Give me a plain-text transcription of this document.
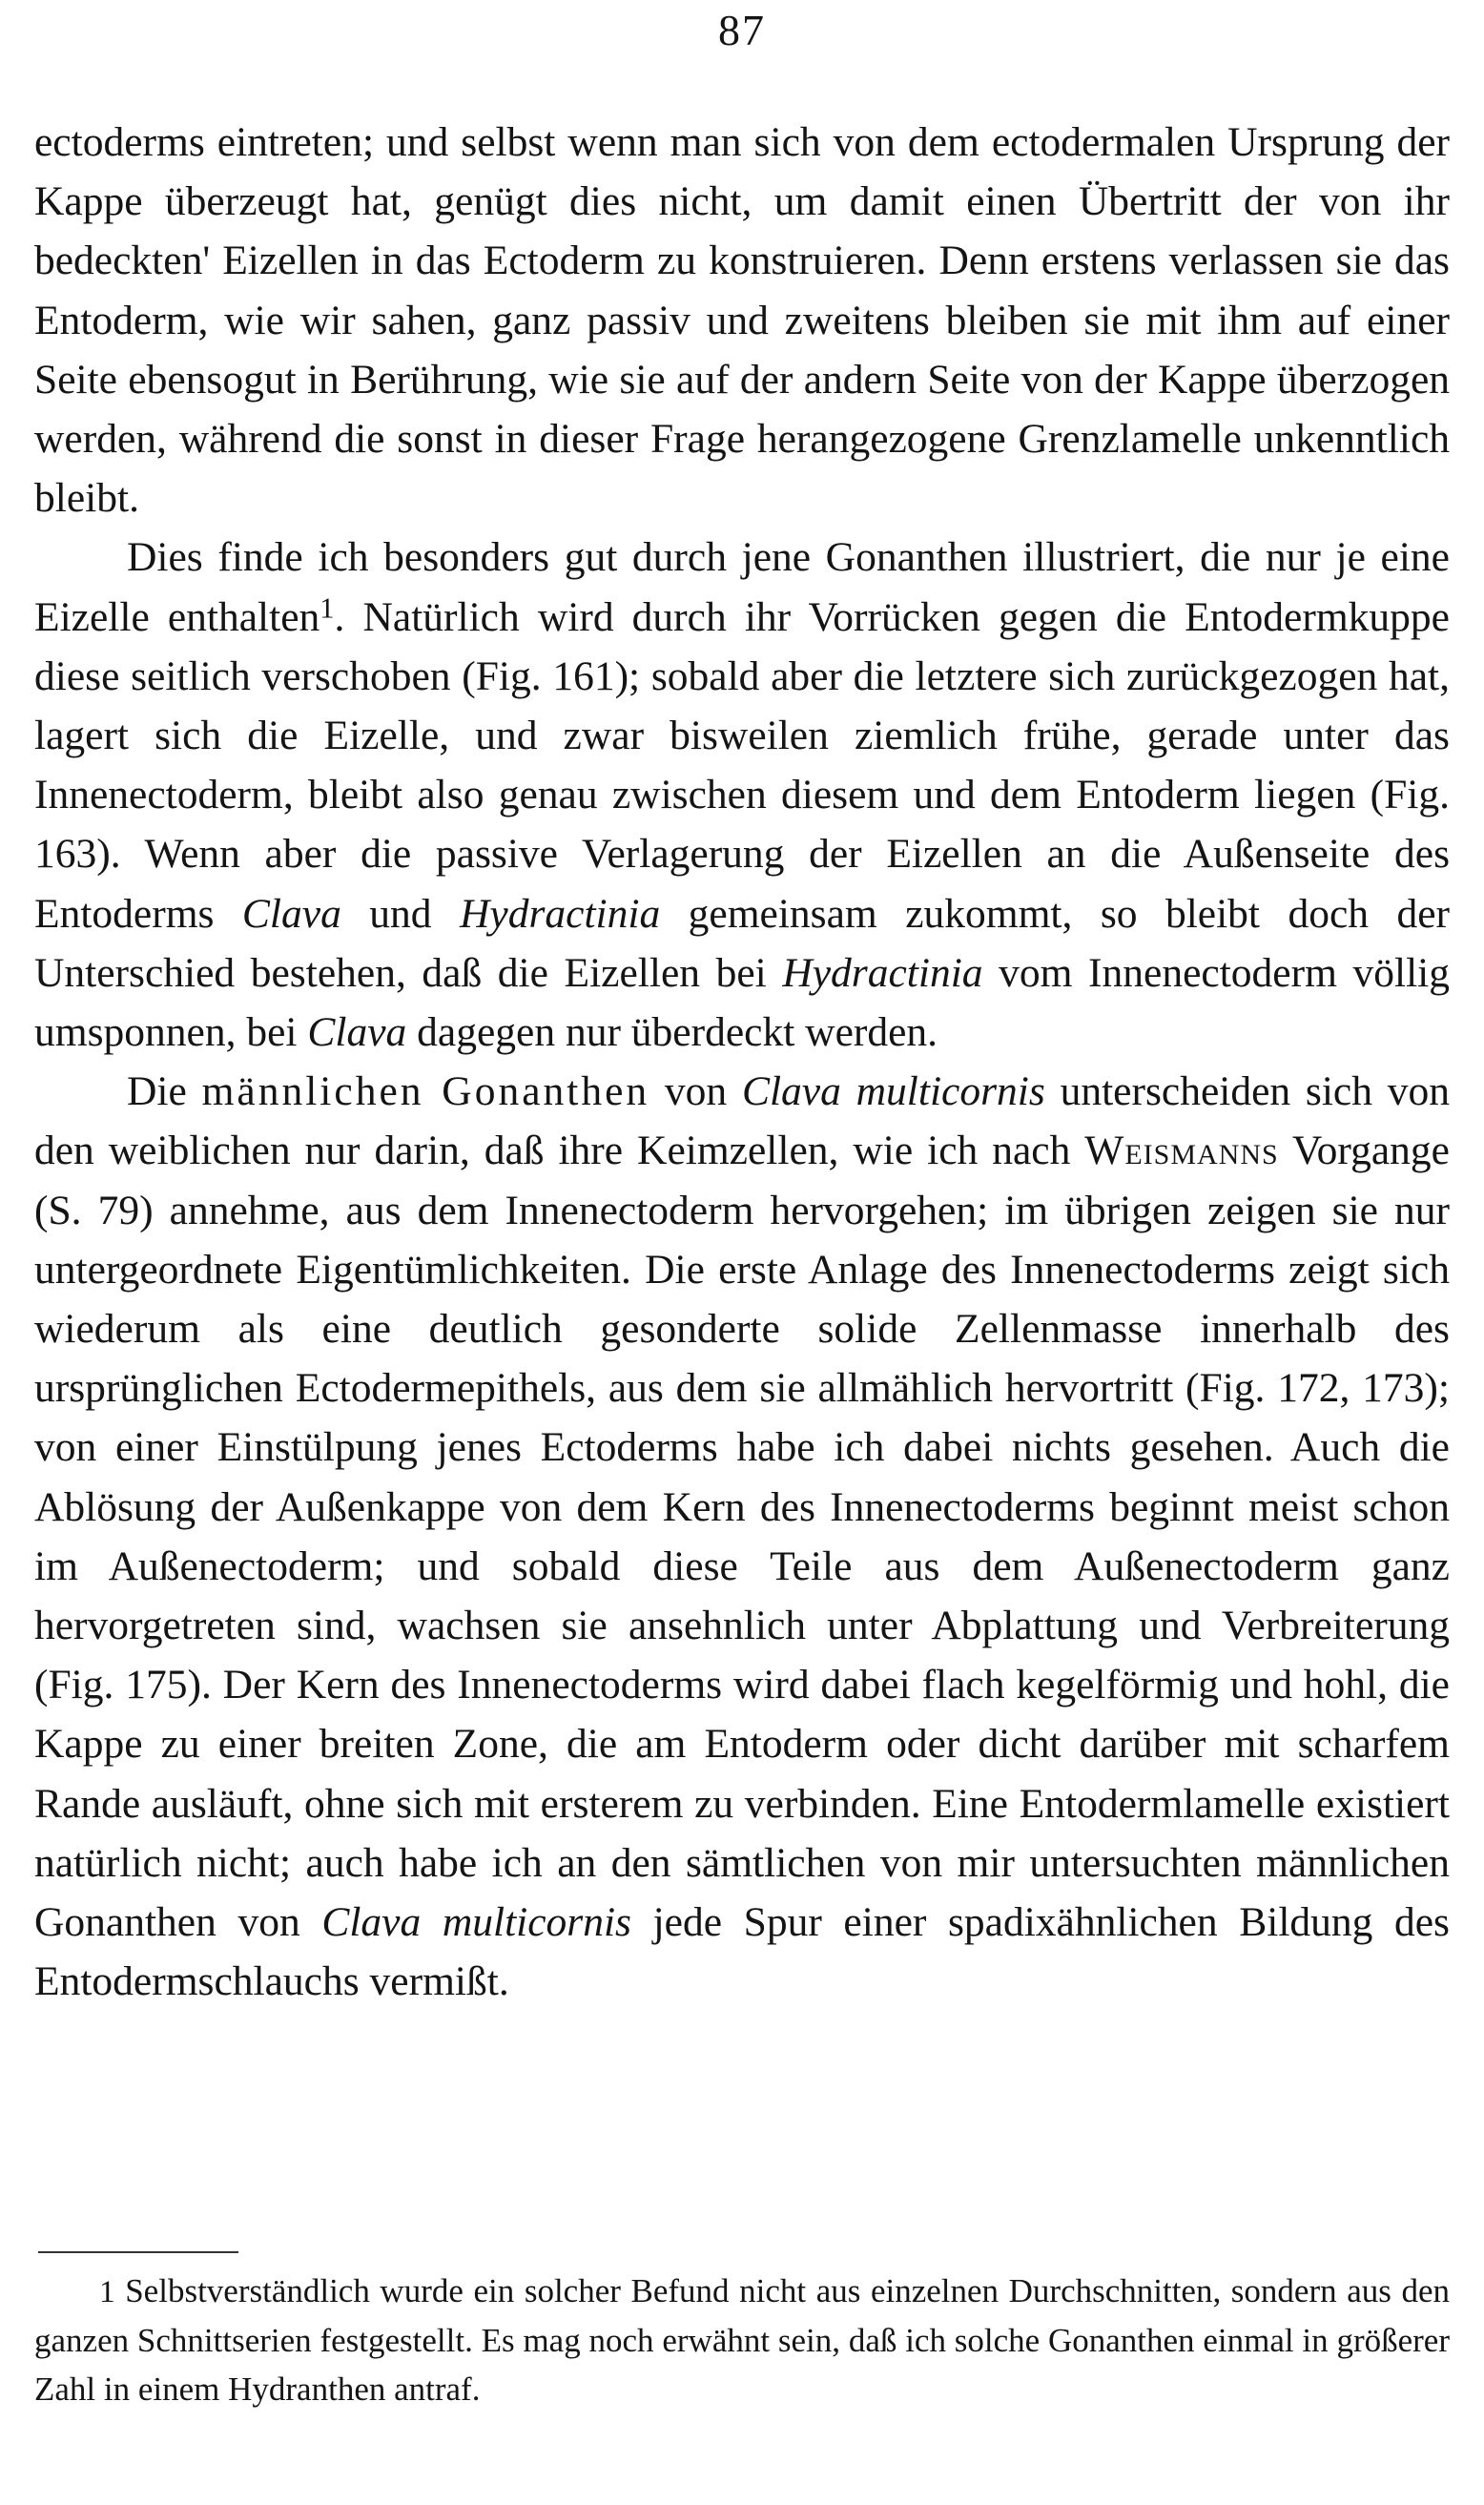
87

ectoderms eintreten; und selbst wenn man sich von dem ectodermalen Ursprung der Kappe überzeugt hat, genügt dies nicht, um damit einen Übertritt der von ihr bedeckten' Eizellen in das Ectoderm zu konstruieren. Denn erstens verlassen sie das Entoderm, wie wir sahen, ganz passiv und zweitens bleiben sie mit ihm auf einer Seite ebensogut in Berührung, wie sie auf der andern Seite von der Kappe überzogen werden, während die sonst in dieser Frage herangezogene Grenzlamelle unkenntlich bleibt.

Dies finde ich besonders gut durch jene Gonanthen illustriert, die nur je eine Eizelle enthalten$^1$. Natürlich wird durch ihr Vorrücken gegen die Entodermkuppe diese seitlich verschoben (Fig. 161); sobald aber die letztere sich zurückgezogen hat, lagert sich die Eizelle, und zwar bisweilen ziemlich frühe, gerade unter das Innenectoderm, bleibt also genau zwischen diesem und dem Entoderm liegen (Fig. 163). Wenn aber die passive Verlagerung der Eizellen an die Außenseite des Entoderms Clava und Hydractinia gemeinsam zukommt, so bleibt doch der Unterschied bestehen, daß die Eizellen bei Hydractinia vom Innenectoderm völlig umsponnen, bei Clava dagegen nur überdeckt werden.

Die männlichen Gonanthen von Clava multicornis unterscheiden sich von den weiblichen nur darin, daß ihre Keimzellen, wie ich nach Weismanns Vorgange (S. 79) annehme, aus dem Innenectoderm hervorgehen; im übrigen zeigen sie nur untergeordnete Eigentümlichkeiten. Die erste Anlage des Innenectoderms zeigt sich wiederum als eine deutlich gesonderte solide Zellenmasse innerhalb des ursprünglichen Ectodermepithels, aus dem sie allmählich hervortritt (Fig. 172, 173); von einer Einstülpung jenes Ectoderms habe ich dabei nichts gesehen. Auch die Ablösung der Außenkappe von dem Kern des Innenectoderms beginnt meist schon im Außenectoderm; und sobald diese Teile aus dem Außenectoderm ganz hervorgetreten sind, wachsen sie ansehnlich unter Abplattung und Verbreiterung (Fig. 175). Der Kern des Innenectoderms wird dabei flach kegelförmig und hohl, die Kappe zu einer breiten Zone, die am Entoderm oder dicht darüber mit scharfem Rande ausläuft, ohne sich mit ersterem zu verbinden. Eine Entodermlamelle existiert natürlich nicht; auch habe ich an den sämtlichen von mir untersuchten männlichen Gonanthen von Clava multicornis jede Spur einer spadixähnlichen Bildung des Entodermschlauchs vermißt.

1 Selbstverständlich wurde ein solcher Befund nicht aus einzelnen Durchschnitten, sondern aus den ganzen Schnittserien festgestellt. Es mag noch erwähnt sein, daß ich solche Gonanthen einmal in größerer Zahl in einem Hydranthen antraf.
